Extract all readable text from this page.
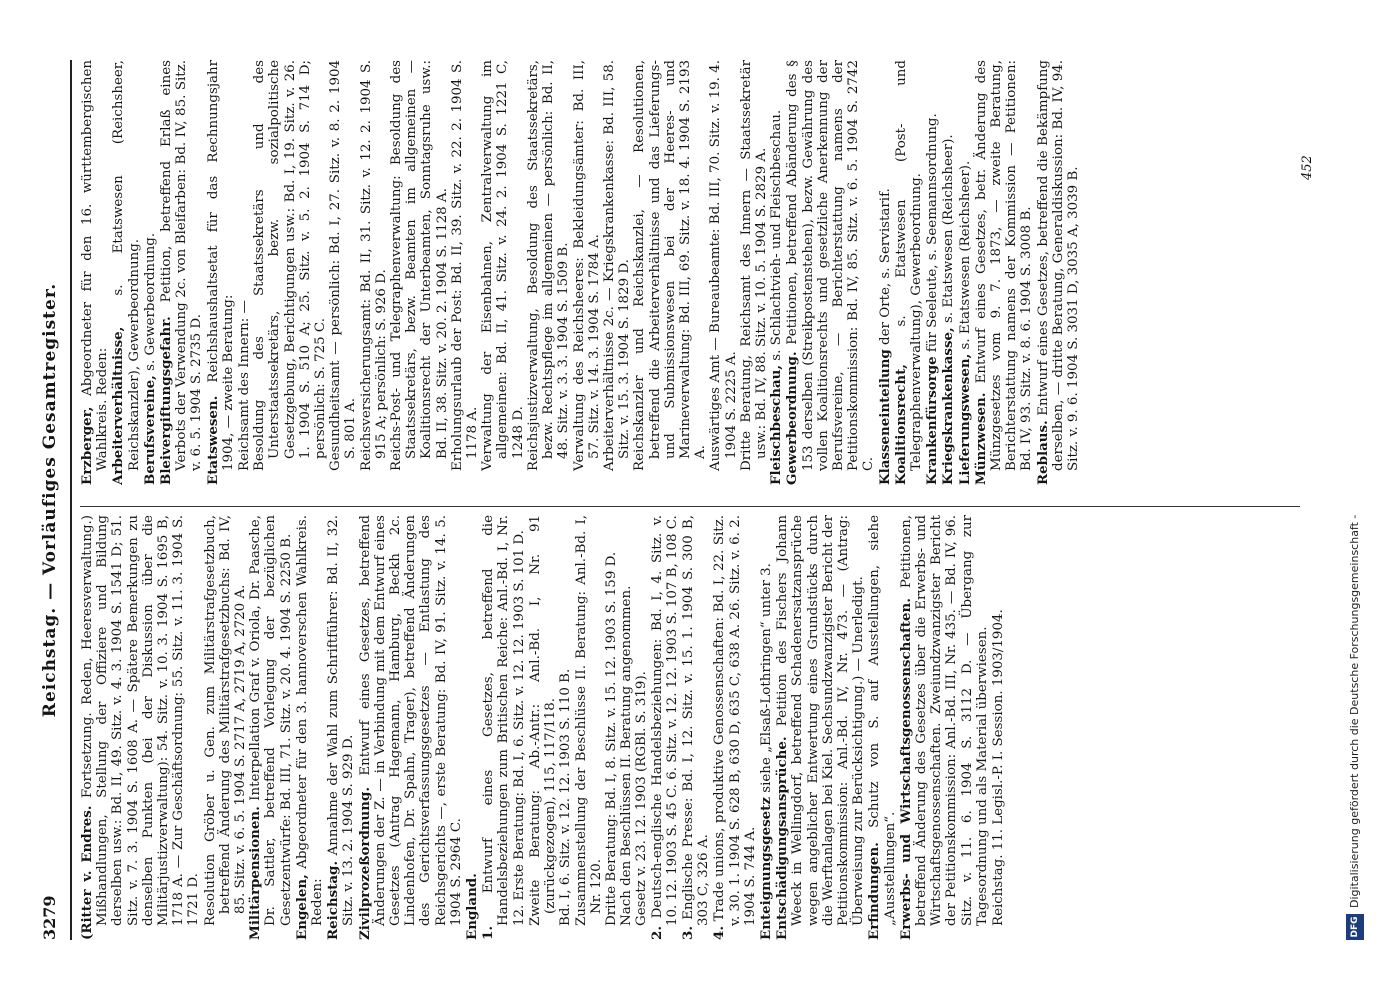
3279
Reichstag. — Vorläufiges Gesamtregister.

(Ritter v. Endres. Fortsetzung. Reden, Heeresverwaltung.) Mißhandlungen, Stellung der Offiziere und Bildung derselben usw.: Bd. II, 49. Sitz. v. 4. 3. 1904 S. 1541 D; 51. Sitz. v. 7. 3. 1904 S. 1608 A. — Spätere Bemerkungen zu denselben Punkten (bei der Diskussion über die Militärjustizverwaltung): 54. Sitz. v. 10. 3. 1904 S. 1695 B, 1718 A. — Zur Geschäftsordnung: 55. Sitz. v. 11. 3. 1904 S. 1721 D. Resolution Gröber u. Gen. zum Militärstrafgesetzbuch, betreffend Änderung des Militärstrafgesetzbuchs: Bd. IV, 85. Sitz. v. 6. 5. 1904 S. 2717 A, 2719 A, 2720 A. Militärpensionen. Interpellation Graf v. Oriola, Dr. Paasche, Dr. Sattler, betreffend Vorlegung der bezüglichen Gesetzentwürfe: Bd. III, 71. Sitz. v. 20. 4. 1904 S. 2250 B. Engelen, Abgeordneter für den 3. hannoverschen Wahlkreis. Reden: Reichstag. Annahme der Wahl zum Schriftführer: Bd. II, 32. Sitz. v. 13. 2. 1904 S. 929 D. Zivilprozeßordnung. Entwurf eines Gesetzes, betreffend Änderungen der Z. — in Verbindung mit dem Entwurf eines Gesetzes (Antrag Hagemann, Hamburg, Beckh 2c. Lindenhofen, Dr. Spahn, Trager), betreffend Änderungen des Gerichtsverfassungsgesetzes — Entlastung des Reichsgerichts —, erste Beratung: Bd. IV, 91. Sitz. v. 14. 5. 1904 S. 2964 C. England. 1. Entwurf eines Gesetzes, betreffend die Handelsbeziehungen zum Britischen Reiche: Anl.-Bd. I, Nr. 12. Erste Beratung: Bd. I, 6. Sitz. v. 12. 12. 1903 S. 101 D. Zweite Beratung: Ab.-Antr.: Anl.-Bd. I, Nr. 91 (zurückgezogen), 115, 117/118. Bd. I, 6. Sitz. v. 12. 12. 1903 S. 110 B. Zusammenstellung der Beschlüsse II. Beratung: Anl.-Bd. I, Nr. 120. Dritte Beratung: Bd. I, 8. Sitz. v. 15. 12. 1903 S. 159 D. Nach den Beschlüssen II. Beratung angenommen. Gesetz v. 23. 12. 1903 (RGBl. S. 319).

2. Deutsch-englische Handelsbeziehungen: Bd. I, 4. Sitz. v. 10. 12. 1903 S. 45 C. 6. Sitz. v. 12. 12. 1903 S. 107 B, 108 C.

3. Englische Presse: Bd. I, 12. Sitz. v. 15. 1. 1904 S. 300 B, 303 C, 326 A.

4. Trade unions, produktive Genossenschaften: Bd. I, 22. Sitz. v. 30. 1. 1904 S. 628 B, 630 D, 635 C, 638 A. 26. Sitz. v. 6. 2. 1904 S. 744 A. Enteignungsgesetz siehe „Elsaß-Lothringen“ unter 3.

Entschädigungsansprüche. Petition des Fischers Johann Weeck in Wellingdorf, betreffend Schadenersatzansprüche wegen angeblicher Entwertung eines Grundstücks durch die Werftanlagen bei Kiel. Sechsundzwanzigster Bericht der Petitionskommission: Anl.-Bd. IV, Nr. 473. — (Antrag: Überweisung zur Berücksichtigung.) — Unerledigt. Erfindungen. Schutz von S. auf Ausstellungen, siehe „Ausstellungen“. Erwerbs- und Wirtschaftsgenossenschaften. Petitionen, betreffend Änderung des Gesetzes über die Erwerbs- und Wirtschaftsgenossenschaften. Zweiundzwanzigster Bericht der Petitionskommission: Anl.-Bd. III, Nr. 435. — Bd. IV, 96. Sitz. v. 11. 6. 1904 S. 3112 D. — Übergang zur Tagesordnung und als Material überwiesen. Reichstag. 11. Legisl.-P. I. Session. 1903/1904.

Erzberger, Abgeordneter für den 16. württembergischen Wahlkreis. Reden: Arbeiterverhältnisse, s. Etatswesen (Reichsheer, Reichskanzler), Gewerbeordnung. Berufsvereine, s. Gewerbeordnung.

Bleivergiftungsgefahr. Petition, betreffend Erlaß eines Verbots der Verwendung 2c. von Bleifarben: Bd. IV, 85. Sitz. v. 6. 5. 1904 S. 2735 D. Etatswesen. Reichshaushaltsetat für das Rechnungsjahr 1904, — zweite Beratung: Reichsamt des Innern: — Besoldung des Staatssekretärs und des Unterstaatssekretärs, bezw. sozialpolitische Gesetzgebung, Berichtigungen usw.: Bd. I, 19. Sitz. v. 26. 1. 1904 S. 510 A; 25. Sitz. v. 5. 2. 1904 S. 714 D; persönlich: S. 725 C. Gesundheitsamt — persönlich: Bd. I, 27. Sitz. v. 8. 2. 1904 S. 801 A. Reichsversicherungsamt: Bd. II, 31. Sitz. v. 12. 2. 1904 S. 915 A; persönlich: S. 926 D. Reichs-Post- und Telegraphenverwaltung: Besoldung des Staatssekretärs, bezw. Beamten im allgemeinen — Koalitionsrecht der Unterbeamten, Sonntagsruhe usw.: Bd. II, 38. Sitz. v. 20. 2. 1904 S. 1128 A. Erholungsurlaub der Post: Bd. II, 39. Sitz. v. 22. 2. 1904 S. 1178 A. Verwaltung der Eisenbahnen, Zentralverwaltung im allgemeinen: Bd. II, 41. Sitz. v. 24. 2. 1904 S. 1221 C, 1248 D. Reichsjustizverwaltung, Besoldung des Staatssekretärs, bezw. Rechtspflege im allgemeinen — persönlich: Bd. II, 48. Sitz. v. 3. 3. 1904 S. 1509 B. Verwaltung des Reichsheeres: Bekleidungsämter: Bd. III, 57. Sitz. v. 14. 3. 1904 S. 1784 A. Arbeiterverhältnisse 2c. — Kriegskrankenkasse: Bd. III, 58. Sitz. v. 15. 3. 1904 S. 1829 D. Reichskanzler und Reichskanzlei, — Resolutionen, betreffend die Arbeiterverhältnisse und das Lieferungs- und Submissionswesen bei der Heeres- und Marineverwaltung: Bd. III, 69. Sitz. v. 18. 4. 1904 S. 2193 A. Auswärtiges Amt — Bureaubeamte: Bd. III, 70. Sitz. v. 19. 4. 1904 S. 2225 A. Dritte Beratung, Reichsamt des Innern — Staatssekretär usw.: Bd. IV, 88. Sitz. v. 10. 5. 1904 S. 2829 A. Fleischbeschau, s. Schlachtvieh- und Fleischbeschau.

Gewerbeordnung. Petitionen, betreffend Abänderung des § 153 derselben (Streikpostenstehen), bezw. Gewährung des vollen Koalitionsrechts und gesetzliche Anerkennung der Berufsvereine, — Berichterstattung namens der Petitionskommission: Bd. IV, 85. Sitz. v. 6. 5. 1904 S. 2742 C. Klasseneinteilung der Orte, s. Servistarif.

Koalitionsrecht, s. Etatswesen (Post- und Telegraphenverwaltung), Gewerbeordnung. Krankenfürsorge für Seeleute, s. Seemannsordnung.

Kriegskrankenkasse, s. Etatswesen (Reichsheer).

Lieferungswesen, s. Etatswesen (Reichsheer).

Münzwesen. Entwurf eines Gesetzes, betr. Änderung des Münzgesetzes vom 9. 7. 1873, — zweite Beratung, Berichterstattung namens der Kommission — Petitionen: Bd. IV, 93. Sitz. v. 8. 6. 1904 S. 3008 B. Reblaus. Entwurf eines Gesetzes, betreffend die Bekämpfung derselben, — dritte Beratung, Generaldiskussion: Bd. IV, 94. Sitz. v. 9. 6. 1904 S. 3031 D, 3035 A, 3039 B.	452
DFG
Digitalisierung gefördert durch die Deutsche Forschungsgemeinschaft -
